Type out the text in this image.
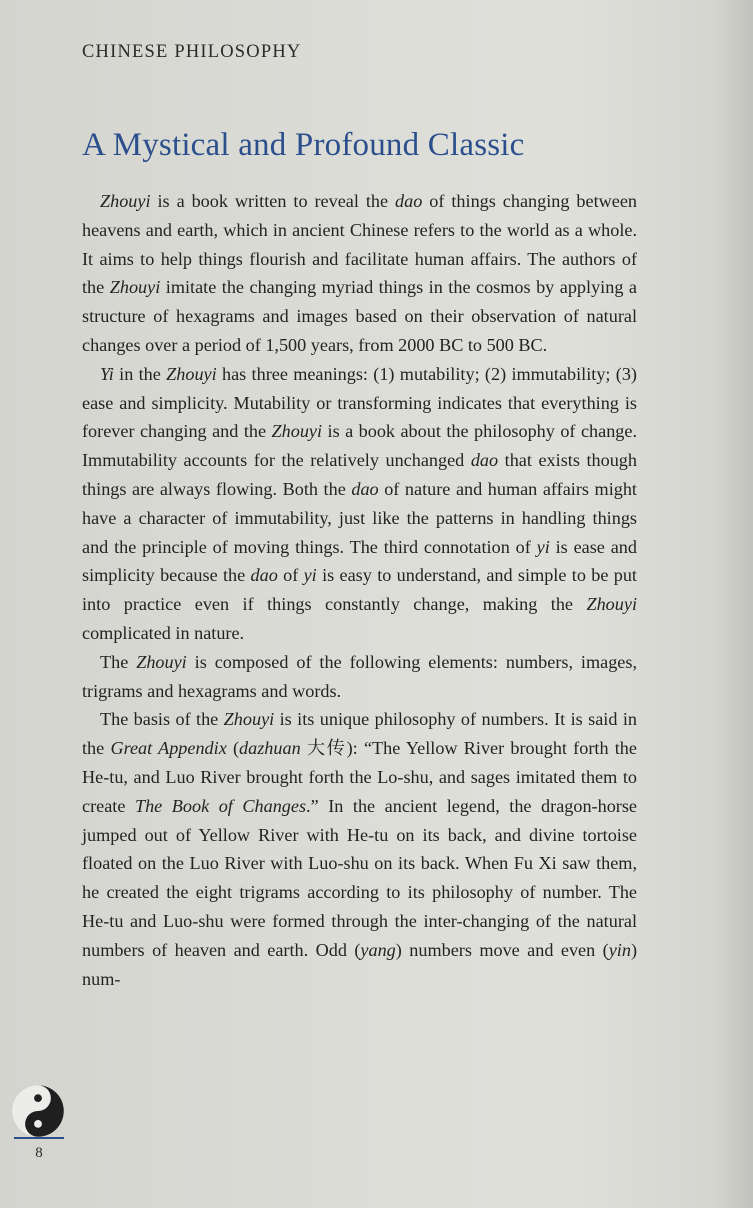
CHINESE PHILOSOPHY
A Mystical and Profound Classic

Zhouyi is a book written to reveal the dao of things changing between heavens and earth, which in ancient Chinese refers to the world as a whole. It aims to help things flourish and facilitate human affairs. The authors of the Zhouyi imitate the changing myriad things in the cosmos by applying a structure of hexagrams and images based on their observation of natural changes over a period of 1,500 years, from 2000 BC to 500 BC.

Yi in the Zhouyi has three meanings: (1) mutability; (2) immutability; (3) ease and simplicity. Mutability or transforming indicates that everything is forever changing and the Zhouyi is a book about the philosophy of change. Immutability accounts for the relatively unchanged dao that exists though things are always flowing. Both the dao of nature and human affairs might have a character of immutability, just like the patterns in handling things and the principle of moving things. The third connotation of yi is ease and simplicity because the dao of yi is easy to understand, and simple to be put into practice even if things constantly change, making the Zhouyi complicated in nature.

The Zhouyi is composed of the following elements: numbers, images, trigrams and hexagrams and words.

The basis of the Zhouyi is its unique philosophy of numbers. It is said in the Great Appendix (dazhuan 大传): “The Yellow River brought forth the He-tu, and Luo River brought forth the Lo-shu, and sages imitated them to create The Book of Changes.” In the ancient legend, the dragon-horse jumped out of Yellow River with He-tu on its back, and divine tortoise floated on the Luo River with Luo-shu on its back. When Fu Xi saw them, he created the eight trigrams according to its philosophy of number. The He-tu and Luo-shu were formed through the inter-changing of the natural numbers of heaven and earth. Odd (yang) numbers move and even (yin) num-

8
